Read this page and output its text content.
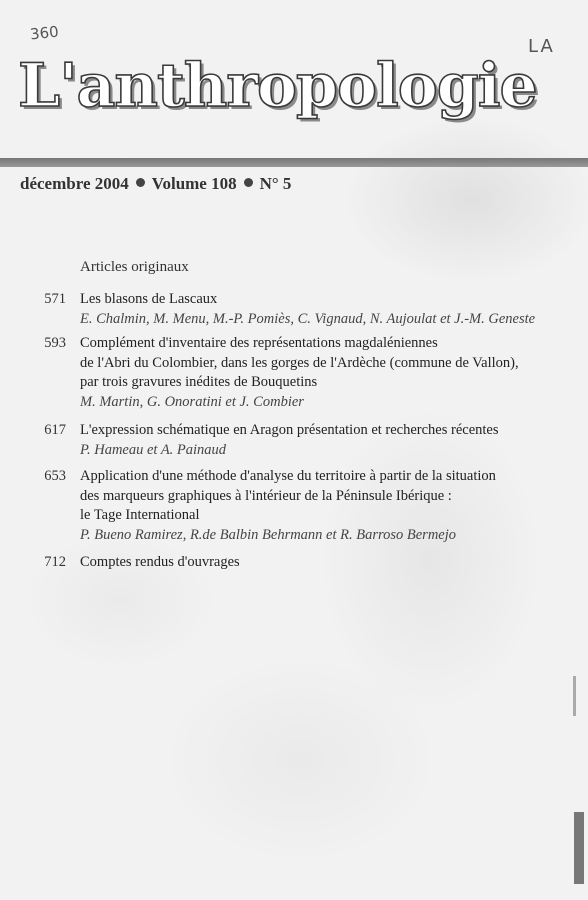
360
LA
L'anthropologie
décembre 2004 Volume 108 N° 5
Articles originaux
571 Les blasons de Lascaux
E. Chalmin, M. Menu, M.-P. Pomiès, C. Vignaud, N. Aujoulat et J.-M. Geneste
593 Complément d'inventaire des représentations magdaléniennes
de l'Abri du Colombier, dans les gorges de l'Ardèche (commune de Vallon),
par trois gravures inédites de Bouquetins
M. Martin, G. Onoratini et J. Combier
617 L'expression schématique en Aragon présentation et recherches récentes
P. Hameau et A. Painaud
653 Application d'une méthode d'analyse du territoire à partir de la situation
des marqueurs graphiques à l'intérieur de la Péninsule Ibérique :
le Tage International
P. Bueno Ramirez, R.de Balbin Behrmann et R. Barroso Bermejo
712 Comptes rendus d'ouvrages
